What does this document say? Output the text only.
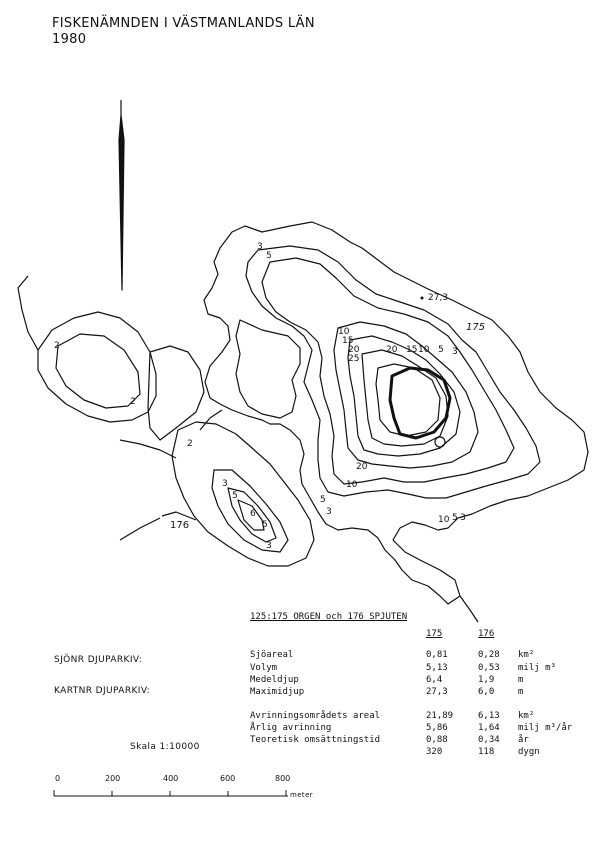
FISKENÄMNDEN I VÄSTMANLANDS LÄN
1980
3
5
10
15
20
25
20 15 10 5 3
20
10
5
3
2
2
2
3
5
6
5
3
10 5 3
27,3
175
176
SJÖNR DJUPARKIV:
KARTNR DJUPARKIV:
Skala 1:10000
0	200	400	600	800
meter
125:175 ORGEN och 176 SPJUTEN
175	176
Sjöareal	0,81	0,28 km²
Volym	5,13	0,53 milj m³
Medeldjup	6,4	1,9	m
Maximidjup	27,3	6,0	m
Avrinningsområdets areal	21,89	6,13 km²
Årlig avrinning	5,86	1,64 milj m³/år
Teoretisk omsättningstid	0,88	0,34 år
320	118	dygn
